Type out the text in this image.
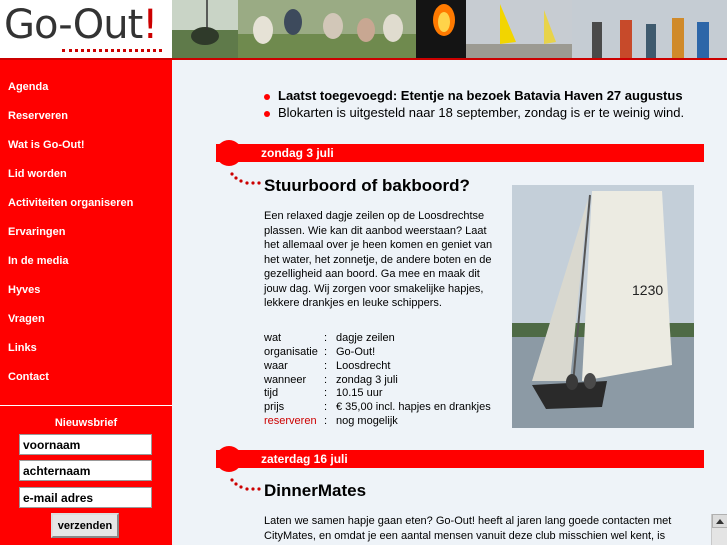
Go-Out!
Agenda
Reserveren
Wat is Go-Out!
Lid worden
Activiteiten organiseren
Ervaringen
In de media
Hyves
Vragen
Links
Contact
Nieuwsbrief
voornaam
achternaam
e-mail adres
verzenden
Laatst toegevoegd: Etentje na bezoek Batavia Haven 27 augustus
Blokarten is uitgesteld naar 18 september, zondag is er te weinig wind.
zondag 3 juli
Stuurboord of bakboord?
Een relaxed dagje zeilen op de Loosdrechtse plassen. Wie kan dit aanbod weerstaan? Laat het allemaal over je heen komen en geniet van het water, het zonnetje, de andere boten en de gezelligheid aan boord. Ga mee en maak dit jouw dag. Wij zorgen voor smakelijke hapjes, lekkere drankjes en leuke schippers.
wat	: dagje zeilen
organisatie : Go-Out!
waar	: Loosdrecht
wanneer : zondag 3 juli
tijd	: 10.15 uur
prijs	: € 35,00 incl. hapjes en drankjes
reserveren : nog mogelijk
1230
zaterdag 16 juli
DinnerMates
Laten we samen hapje gaan eten? Go-Out! heeft al jaren lang goede contacten met CityMates, en omdat je een aantal mensen vanuit deze club misschien wel kent, is
